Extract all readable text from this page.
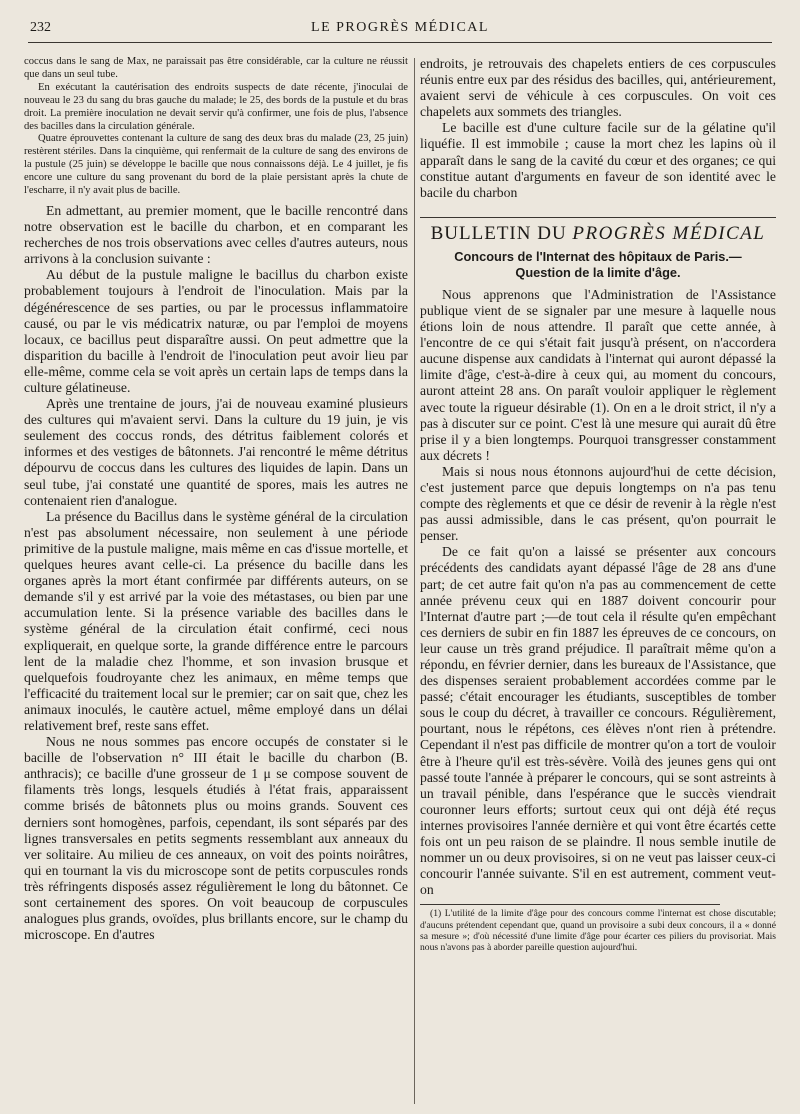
232	LE PROGRÈS MÉDICAL

coccus dans le sang de Max, ne paraissait pas être considérable, car la culture ne réussit que dans un seul tube.

En exécutant la cautérisation des endroits suspects de date récente, j'inoculai de nouveau le 23 du sang du bras gauche du malade; le 25, des bords de la pustule et du bras droit. La première inoculation ne devait servir qu'à confirmer, une fois de plus, l'absence des bacilles dans la circulation générale.

Quatre éprouvettes contenant la culture de sang des deux bras du malade (23, 25 juin) restèrent stériles. Dans la cinquième, qui renfermait de la culture de sang des environs de la pustule (25 juin) se développe le bacille que nous connaissons déjà. Le 4 juillet, je fis encore une culture du sang provenant du bord de la plaie persistant après la chute de l'escharre, il n'y avait plus de bacille.

En admettant, au premier moment, que le bacille rencontré dans notre observation est le bacille du charbon, et en comparant les recherches de nos trois observations avec celles d'autres auteurs, nous arrivons à la conclusion suivante :

Au début de la pustule maligne le bacillus du charbon existe probablement toujours à l'endroit de l'inoculation. Mais par la dégénérescence de ses parties, ou par le processus inflammatoire causé, ou par le vis médicatrix naturæ, ou par l'emploi de moyens locaux, ce bacillus peut disparaître aussi. On peut admettre que la disparition du bacille à l'endroit de l'inoculation peut avoir lieu par elle-même, comme cela se voit après un certain laps de temps dans la culture gélatineuse.

Après une trentaine de jours, j'ai de nouveau examiné plusieurs des cultures qui m'avaient servi. Dans la culture du 19 juin, je vis seulement des coccus ronds, des détritus faiblement colorés et informes et des vestiges de bâtonnets. J'ai rencontré le même détritus dépourvu de coccus dans les cultures des liquides de lapin. Dans un seul tube, j'ai constaté une quantité de spores, mais les autres ne contenaient rien d'analogue.

La présence du Bacillus dans le système général de la circulation n'est pas absolument nécessaire, non seulement à une période primitive de la pustule maligne, mais même en cas d'issue mortelle, et quelques heures avant celle-ci. La présence du bacille dans les organes après la mort étant confirmée par différents auteurs, on se demande s'il y est arrivé par la voie des métastases, ou bien par une accumulation lente. Si la présence variable des bacilles dans le système général de la circulation était confirmé, ceci nous expliquerait, en quelque sorte, la grande différence entre le parcours lent de la maladie chez l'homme, et son invasion brusque et quelquefois foudroyante chez les animaux, en même temps que l'efficacité du traitement local sur le premier; car on sait que, chez les animaux inoculés, le cautère actuel, même employé dans un délai relativement bref, reste sans effet.

Nous ne nous sommes pas encore occupés de constater si le bacille de l'observation n° III était le bacille du charbon (B. anthracis); ce bacille d'une grosseur de 1 μ se compose souvent de filaments très longs, lesquels étudiés à l'état frais, apparaissent comme brisés de bâtonnets plus ou moins grands. Souvent ces derniers sont homogènes, parfois, cependant, ils sont séparés par des lignes transversales en petits segments ressemblant aux anneaux du ver solitaire. Au milieu de ces anneaux, on voit des points noirâtres, qui en tournant la vis du microscope sont de petits corpuscules ronds très réfringents disposés assez régulièrement le long du bâtonnet. Ce sont certainement des spores. On voit beaucoup de corpuscules analogues plus grands, ovoïdes, plus brillants encore, sur le champ du microscope. En d'autres

endroits, je retrouvais des chapelets entiers de ces corpuscules réunis entre eux par des résidus des bacilles, qui, antérieurement, avaient servi de véhicule à ces corpuscules. On voit ces chapelets aux sommets des triangles.

Le bacille est d'une culture facile sur de la gélatine qu'il liquéfie. Il est immobile ; cause la mort chez les lapins où il apparaît dans le sang de la cavité du cœur et des organes; ce qui constitue autant d'arguments en faveur de son identité avec le bacile du charbon

BULLETIN DU PROGRÈS MÉDICAL
Concours de l'Internat des hôpitaux de Paris.—
Question de la limite d'âge.

Nous apprenons que l'Administration de l'Assistance publique vient de se signaler par une mesure à laquelle nous étions loin de nous attendre. Il paraît que cette année, à l'encontre de ce qui s'était fait jusqu'à présent, on n'accordera aucune dispense aux candidats à l'internat qui auront dépassé la limite d'âge, c'est-à-dire à ceux qui, au moment du concours, auront atteint 28 ans. On paraît vouloir appliquer le règlement avec toute la rigueur désirable (1). On en a le droit strict, il n'y a pas à discuter sur ce point. C'est là une mesure qui aurait dû être prise il y a bien longtemps. Pourquoi transgresser constamment aux décrets !

Mais si nous nous étonnons aujourd'hui de cette décision, c'est justement parce que depuis longtemps on n'a pas tenu compte des règlements et que ce désir de revenir à la règle n'est pas aussi admissible, dans le cas présent, qu'on pourrait le penser.

De ce fait qu'on a laissé se présenter aux concours précédents des candidats ayant dépassé l'âge de 28 ans d'une part; de cet autre fait qu'on n'a pas au commencement de cette année prévenu ceux qui en 1887 doivent concourir pour l'Internat d'autre part ;—de tout cela il résulte qu'en empêchant ces derniers de subir en fin 1887 les épreuves de ce concours, on leur cause un très grand préjudice. Il paraîtrait même qu'on a répondu, en février dernier, dans les bureaux de l'Assistance, que des dispenses seraient probablement accordées comme par le passé; c'était encourager les étudiants, susceptibles de tomber sous le coup du décret, à travailler ce concours. Régulièrement, pourtant, nous le répétons, ces élèves n'ont rien à prétendre. Cependant il n'est pas difficile de montrer qu'on a tort de vouloir être à l'heure qu'il est très-sévère. Voilà des jeunes gens qui ont passé toute l'année à préparer le concours, qui se sont astreints à un travail pénible, dans l'espérance que le succès viendrait couronner leurs efforts; surtout ceux qui ont déjà été reçus internes provisoires l'année dernière et qui vont être écartés cette fois ont un peu raison de se plaindre. Il nous semble inutile de nommer un ou deux provisoires, si on ne veut pas laisser ceux-ci concourir l'année suivante. S'il en est autrement, comment veut-on

(1) L'utilité de la limite d'âge pour des concours comme l'internat est chose discutable; d'aucuns prétendent cependant que, quand un provisoire a subi deux concours, il a « donné sa mesure »; d'où nécessité d'une limite d'âge pour écarter ces piliers du provisoriat. Mais nous n'avons pas à aborder pareille question aujourd'hui.
